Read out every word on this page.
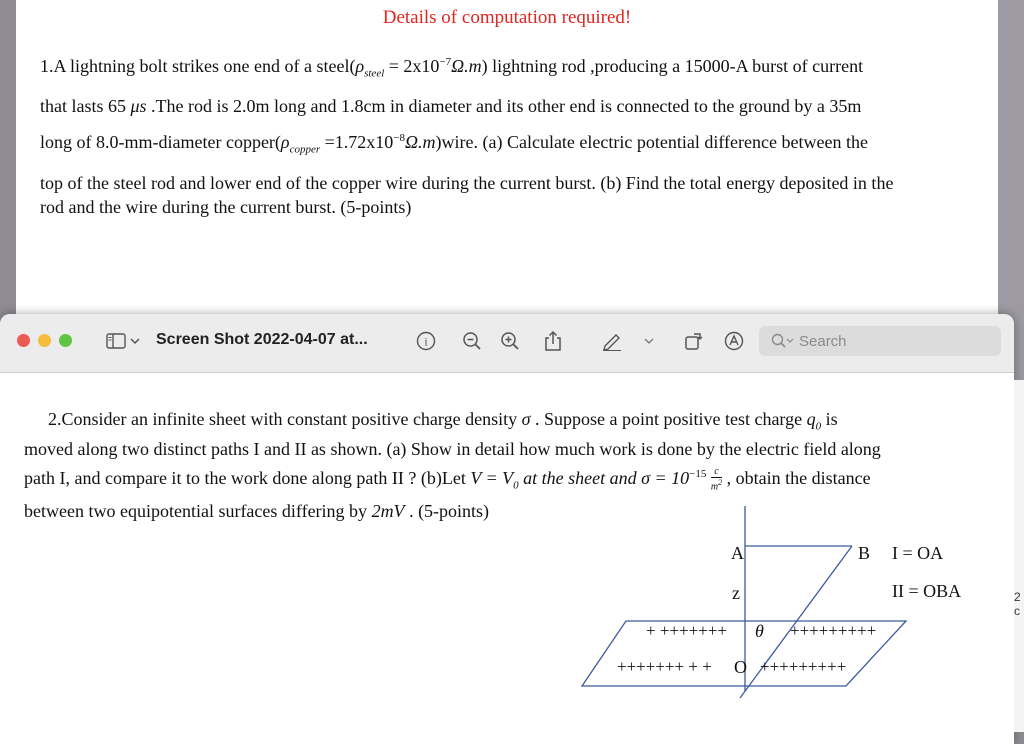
Details of computation required!
1.A lightning bolt strikes one end of a $steel(\rho_{steel} = 2x10^{-7}\Omega.m)$ lightning rod ,producing a 15000-A burst of current
that lasts 65 μs .The rod is 2.0m long and 1.8cm in diameter and its other end is connected to the ground by a 35m
long of 8.0-mm-diameter $copper(\rho_{copper}$ $=1.72x10^{-8}\Omega.m)wire$. (a) Calculate electric potential difference between the
top of the steel rod and lower end of the copper wire during the current burst. (b) Find the total energy deposited in the
rod and the wire during the current burst. (5-points)
Screen Shot 2022-04-07 at...	i	Search
2.Consider an infinite sheet with constant positive charge density σ . Suppose a point positive test charge $q_0$ is
moved along two distinct paths I and II as shown. (a) Show in detail how much work is done by the electric field along
path I, and compare it to the work done along path II ? (b)Let $V = V_0$ at the sheet and $\sigma = 10^{-15}$ c
$m^2$ , obtain the distance
between two equipotential surfaces differing by 2mV . (5-points)
A	B
z
I = OA
II = OBA
+ +++++++ θ +++++++++
+++++++ + + O +++++++++
2
c
